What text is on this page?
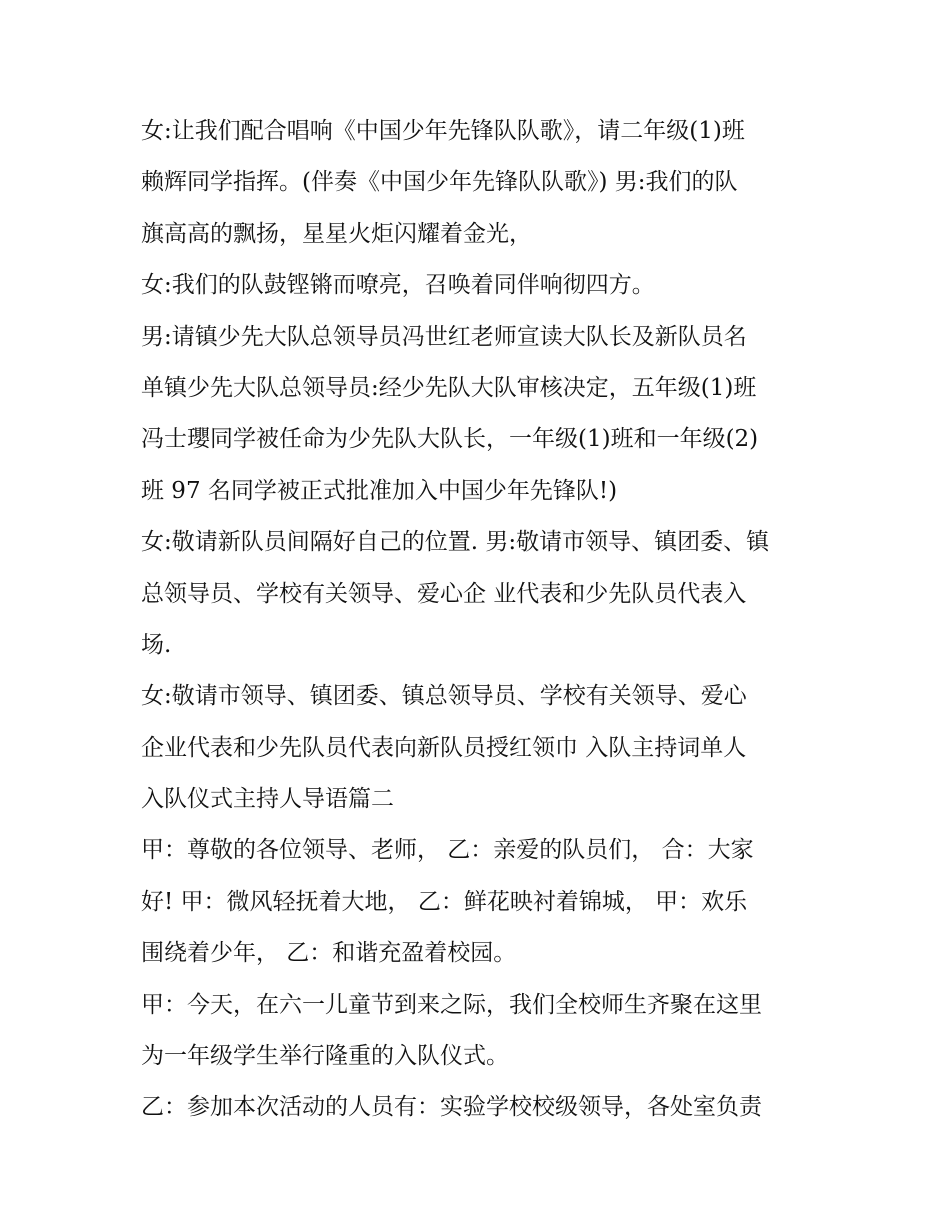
女:让我们配合唱响《中国少年先锋队队歌》，请二年级(1)班
赖辉同学指挥。(伴奏《中国少年先锋队队歌》) 男:我们的队
旗高高的飘扬，星星火炬闪耀着金光，
女:我们的队鼓铿锵而嘹亮，召唤着同伴响彻四方。
男:请镇少先大队总领导员冯世红老师宣读大队长及新队员名
单镇少先大队总领导员:经少先队大队审核决定，五年级(1)班
冯士瓔同学被任命为少先队大队长，一年级(1)班和一年级(2)
班 97 名同学被正式批准加入中国少年先锋队!)
女:敬请新队员间隔好自己的位置. 男:敬请市领导、镇团委、镇
总领导员、学校有关领导、爱心企 业代表和少先队员代表入
场.
女:敬请市领导、镇团委、镇总领导员、学校有关领导、爱心
企业代表和少先队员代表向新队员授红领巾 入队主持词单人
入队仪式主持人导语篇二
甲：尊敬的各位领导、老师， 乙：亲爱的队员们， 合：大家
好! 甲：微风轻抚着大地， 乙：鲜花映衬着锦城， 甲：欢乐
围绕着少年， 乙：和谐充盈着校园。
甲：今天，在六一儿童节到来之际，我们全校师生齐聚在这里
为一年级学生举行隆重的入队仪式。
乙：参加本次活动的人员有：实验学校校级领导，各处室负责
